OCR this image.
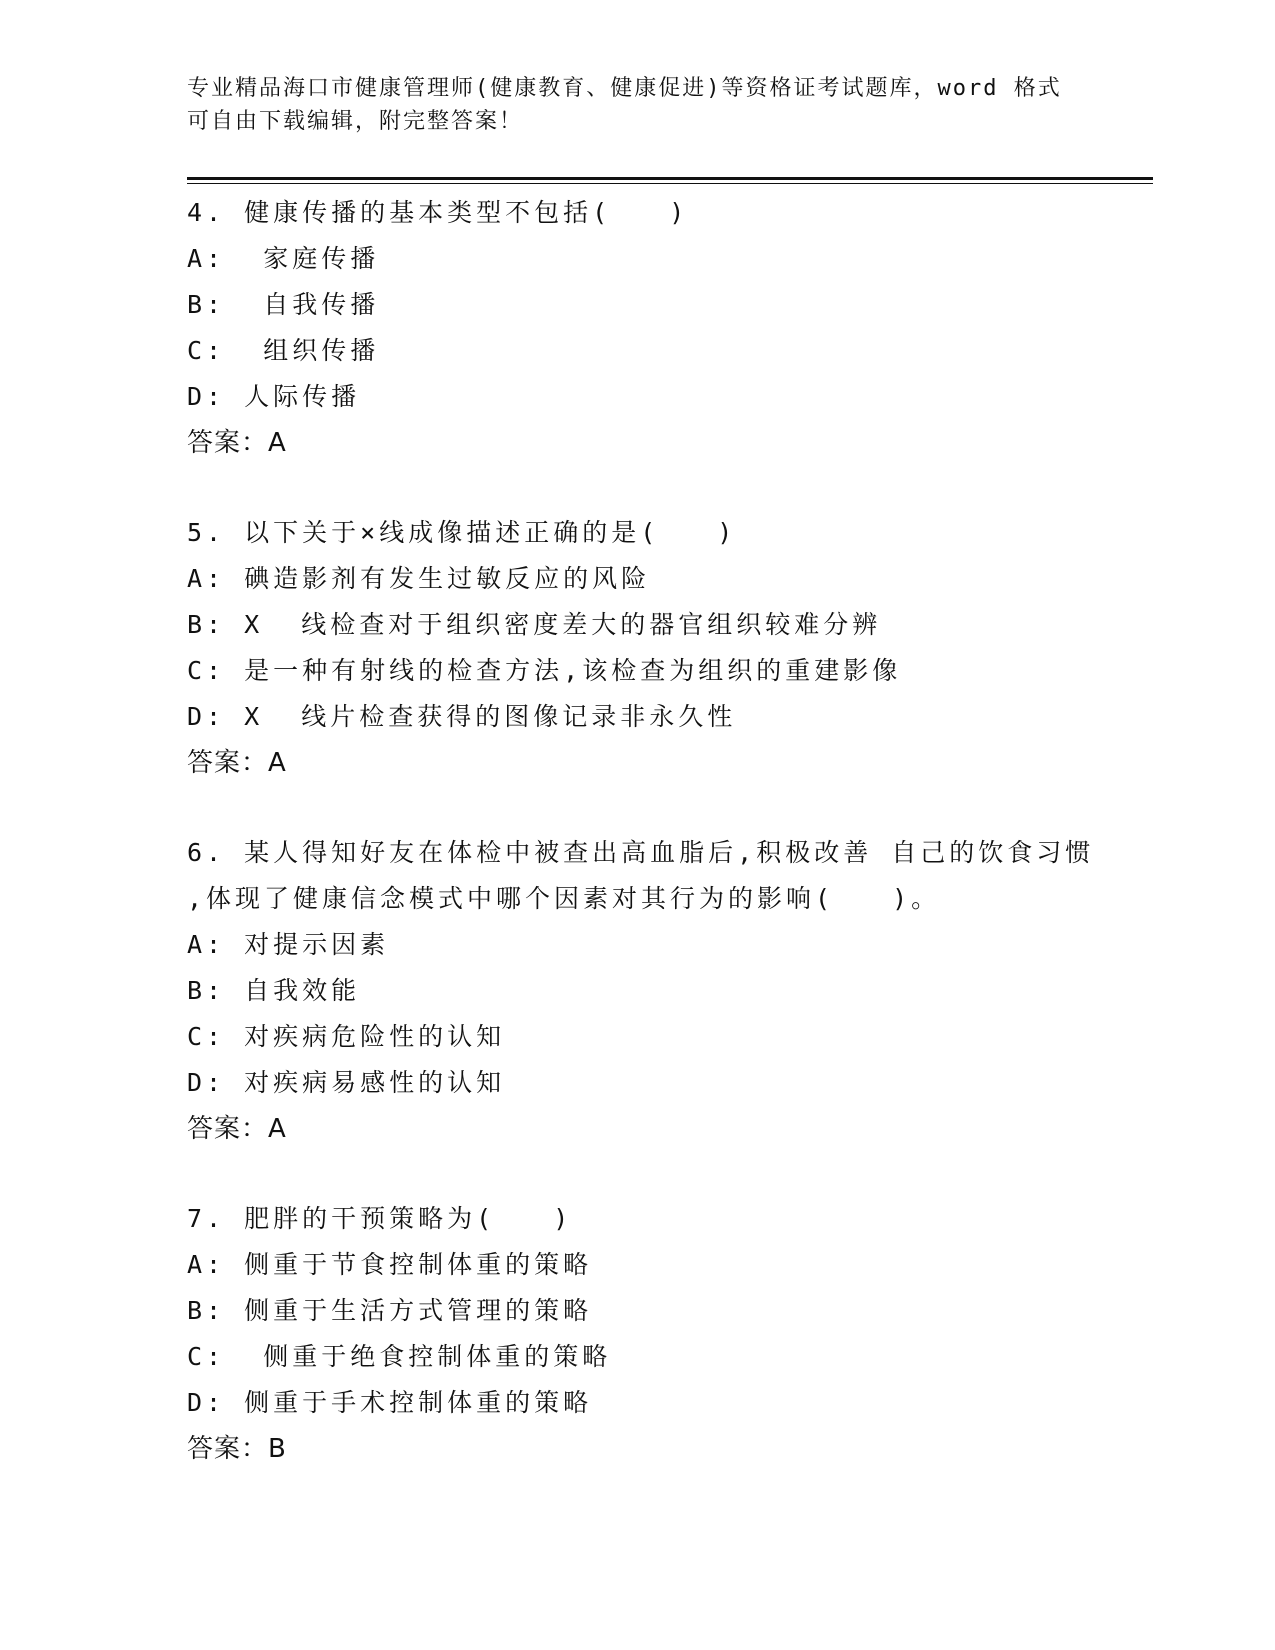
专业精品海口市健康管理师(健康教育、健康促进)等资格证考试题库，word 格式
可自由下载编辑，附完整答案！
4. 健康传播的基本类型不包括(　　)
A:  家庭传播
B:  自我传播
C:  组织传播
D: 人际传播
答案：A
5. 以下关于×线成像描述正确的是(　　)
A: 碘造影剂有发生过敏反应的风险
B: X  线检查对于组织密度差大的器官组织较难分辨
C: 是一种有射线的检查方法,该检查为组织的重建影像
D: X  线片检查获得的图像记录非永久性
答案：A
6. 某人得知好友在体检中被查出高血脂后,积极改善 自己的饮食习惯
,体现了健康信念模式中哪个因素对其行为的影响(　　)。
A: 对提示因素
B: 自我效能
C: 对疾病危险性的认知
D: 对疾病易感性的认知
答案：A
7. 肥胖的干预策略为(　　)
A: 侧重于节食控制体重的策略
B: 侧重于生活方式管理的策略
C:  侧重于绝食控制体重的策略
D: 侧重于手术控制体重的策略
答案：B
